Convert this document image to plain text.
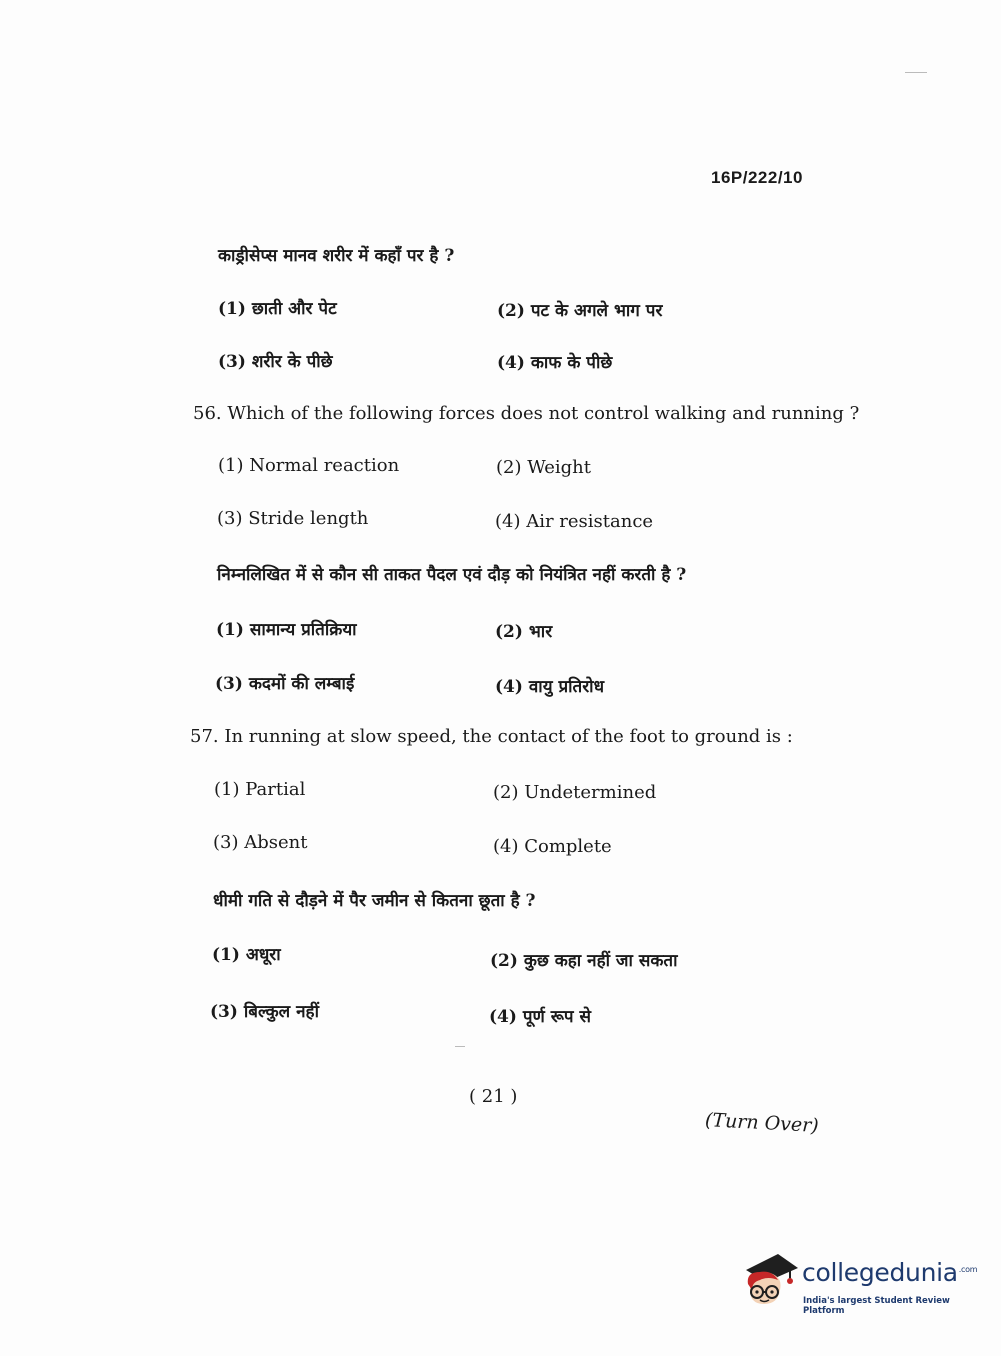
16P/222/10
काड्रीसेप्स मानव शरीर में कहाँ पर है ?
(1) छाती और पेट	(2) पट के अगले भाग पर
(3) शरीर के पीछे	(4) काफ के पीछे
56. Which of the following forces does not control walking and running ?
(1) Normal reaction	(2) Weight
(3) Stride length	(4) Air resistance
निम्नलिखित में से कौन सी ताकत पैदल एवं दौड़ को नियंत्रित नहीं करती है ?
(1) सामान्य प्रतिक्रिया	(2) भार
(3) कदमों की लम्बाई	(4) वायु प्रतिरोध
57. In running at slow speed, the contact of the foot to ground is :
(1) Partial	(2) Undetermined
(3) Absent	(4) Complete
धीमी गति से दौड़ने में पैर जमीन से कितना छूता है ?
(1) अधूरा	(2) कुछ कहा नहीं जा सकता
(3) बिल्कुल नहीं	(4) पूर्ण रूप से
( 21 )
(Turn Over)
collegedunia$^{.com}$
India's largest Student Review Platform
